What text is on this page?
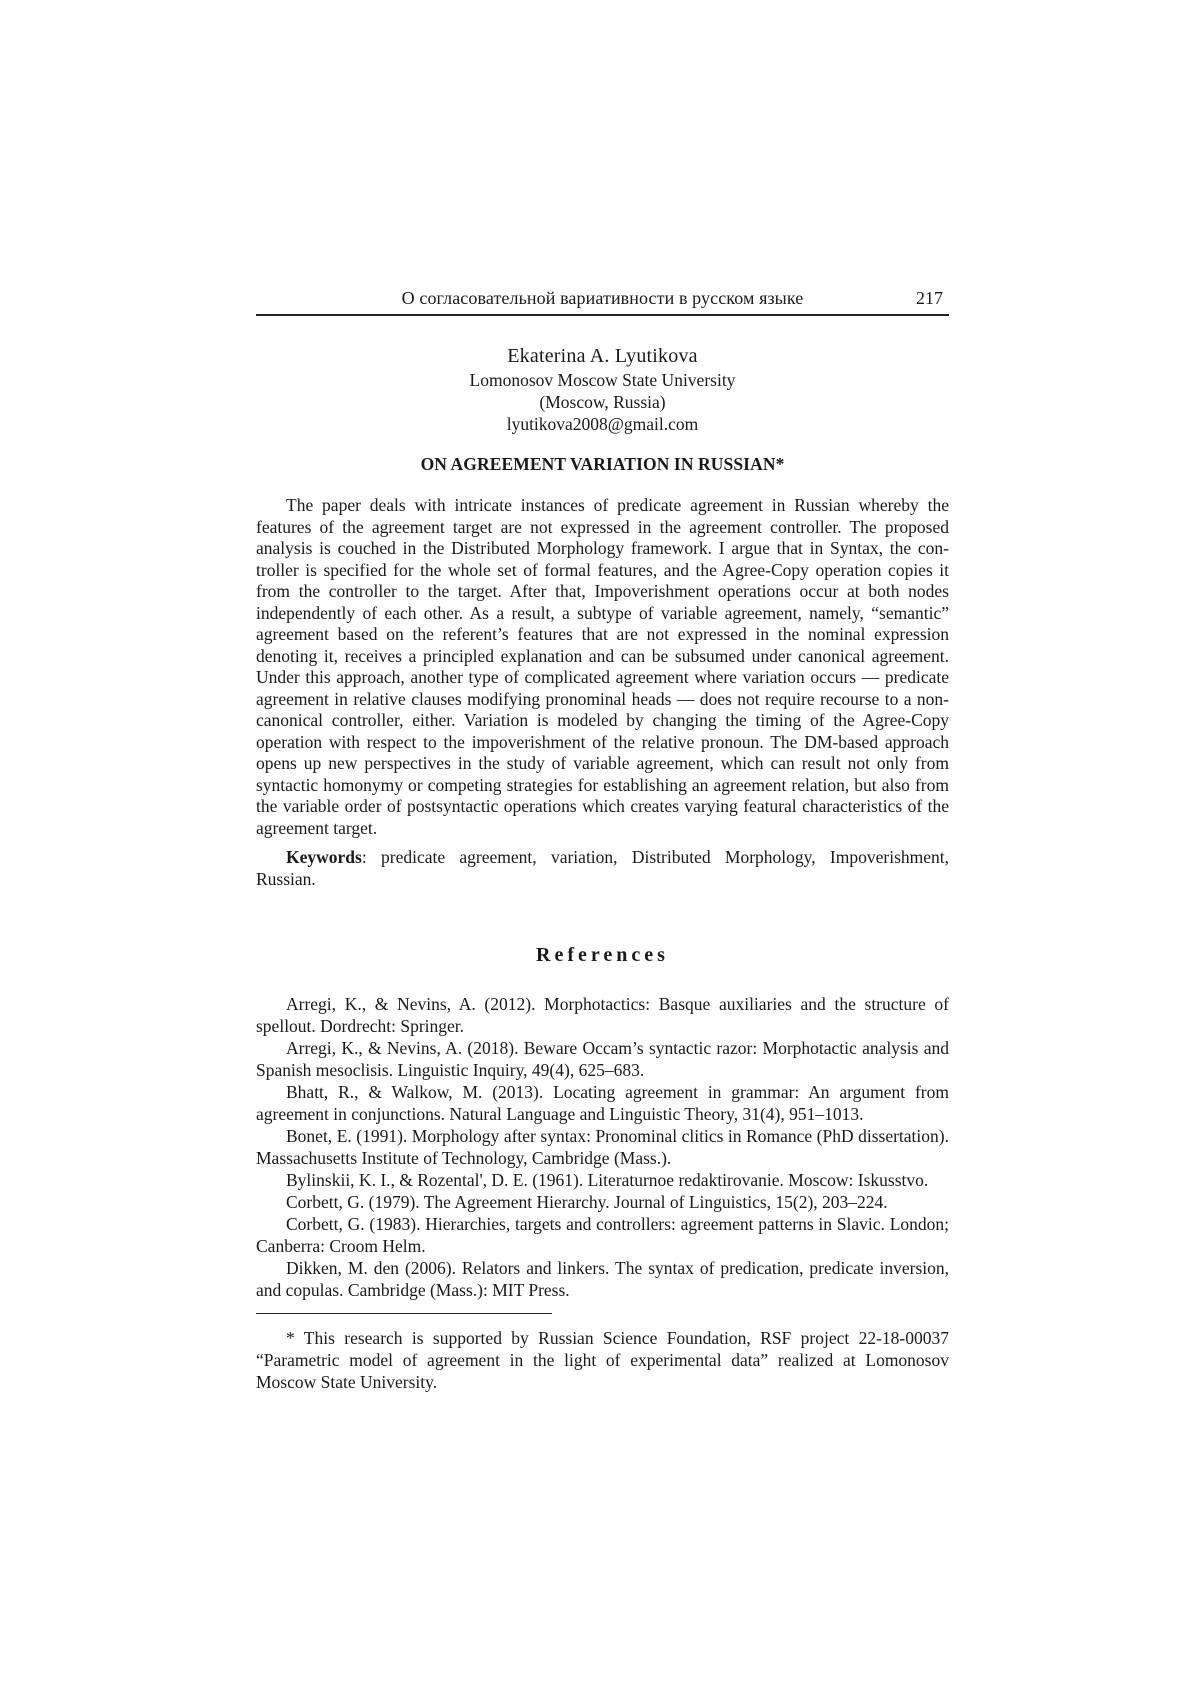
О согласовательной вариативности в русском языке	217
Ekaterina A. Lyutikova
Lomonosov Moscow State University
(Moscow, Russia)
lyutikova2008@gmail.com
ON AGREEMENT VARIATION IN RUSSIAN*

The paper deals with intricate instances of predicate agreement in Russian whereby the features of the agreement target are not expressed in the agreement controller. The proposed analysis is couched in the Distributed Morphology framework. I argue that in Syntax, the controller is specified for the whole set of formal features, and the Agree-Copy operation copies it from the controller to the target. After that, Impoverishment operations occur at both nodes independently of each other. As a result, a subtype of variable agreement, namely, “semantic” agreement based on the referent’s features that are not expressed in the nominal expression denoting it, receives a principled explanation and can be subsumed under canonical agreement. Under this approach, another type of complicated agreement where variation occurs — predicate agreement in relative clauses modifying pronominal heads — does not require recourse to a non-canonical controller, either. Variation is modeled by changing the timing of the Agree-Copy operation with respect to the impoverishment of the relative pronoun. The DM-based approach opens up new perspectives in the study of variable agreement, which can result not only from syntactic homonymy or competing strategies for establishing an agreement relation, but also from the variable order of postsyntactic operations which creates varying featural characteristics of the agreement target.

Keywords: predicate agreement, variation, Distributed Morphology, Impoverishment, Russian.

References

Arregi, K., & Nevins, A. (2012). Morphotactics: Basque auxiliaries and the structure of spellout. Dordrecht: Springer.

Arregi, K., & Nevins, A. (2018). Beware Occam’s syntactic razor: Morphotactic analysis and Spanish mesoclisis. Linguistic Inquiry, 49(4), 625–683.

Bhatt, R., & Walkow, M. (2013). Locating agreement in grammar: An argument from agreement in conjunctions. Natural Language and Linguistic Theory, 31(4), 951–1013.

Bonet, E. (1991). Morphology after syntax: Pronominal clitics in Romance (PhD dissertation). Massachusetts Institute of Technology, Cambridge (Mass.).

Bylinskii, K. I., & Rozental', D. E. (1961). Literaturnoe redaktirovanie. Moscow: Iskusstvo.

Corbett, G. (1979). The Agreement Hierarchy. Journal of Linguistics, 15(2), 203–224.

Corbett, G. (1983). Hierarchies, targets and controllers: agreement patterns in Slavic. London; Canberra: Croom Helm.

Dikken, M. den (2006). Relators and linkers. The syntax of predication, predicate inversion, and copulas. Cambridge (Mass.): MIT Press.

* This research is supported by Russian Science Foundation, RSF project 22-18-00037 “Parametric model of agreement in the light of experimental data” realized at Lomonosov Moscow State University.
